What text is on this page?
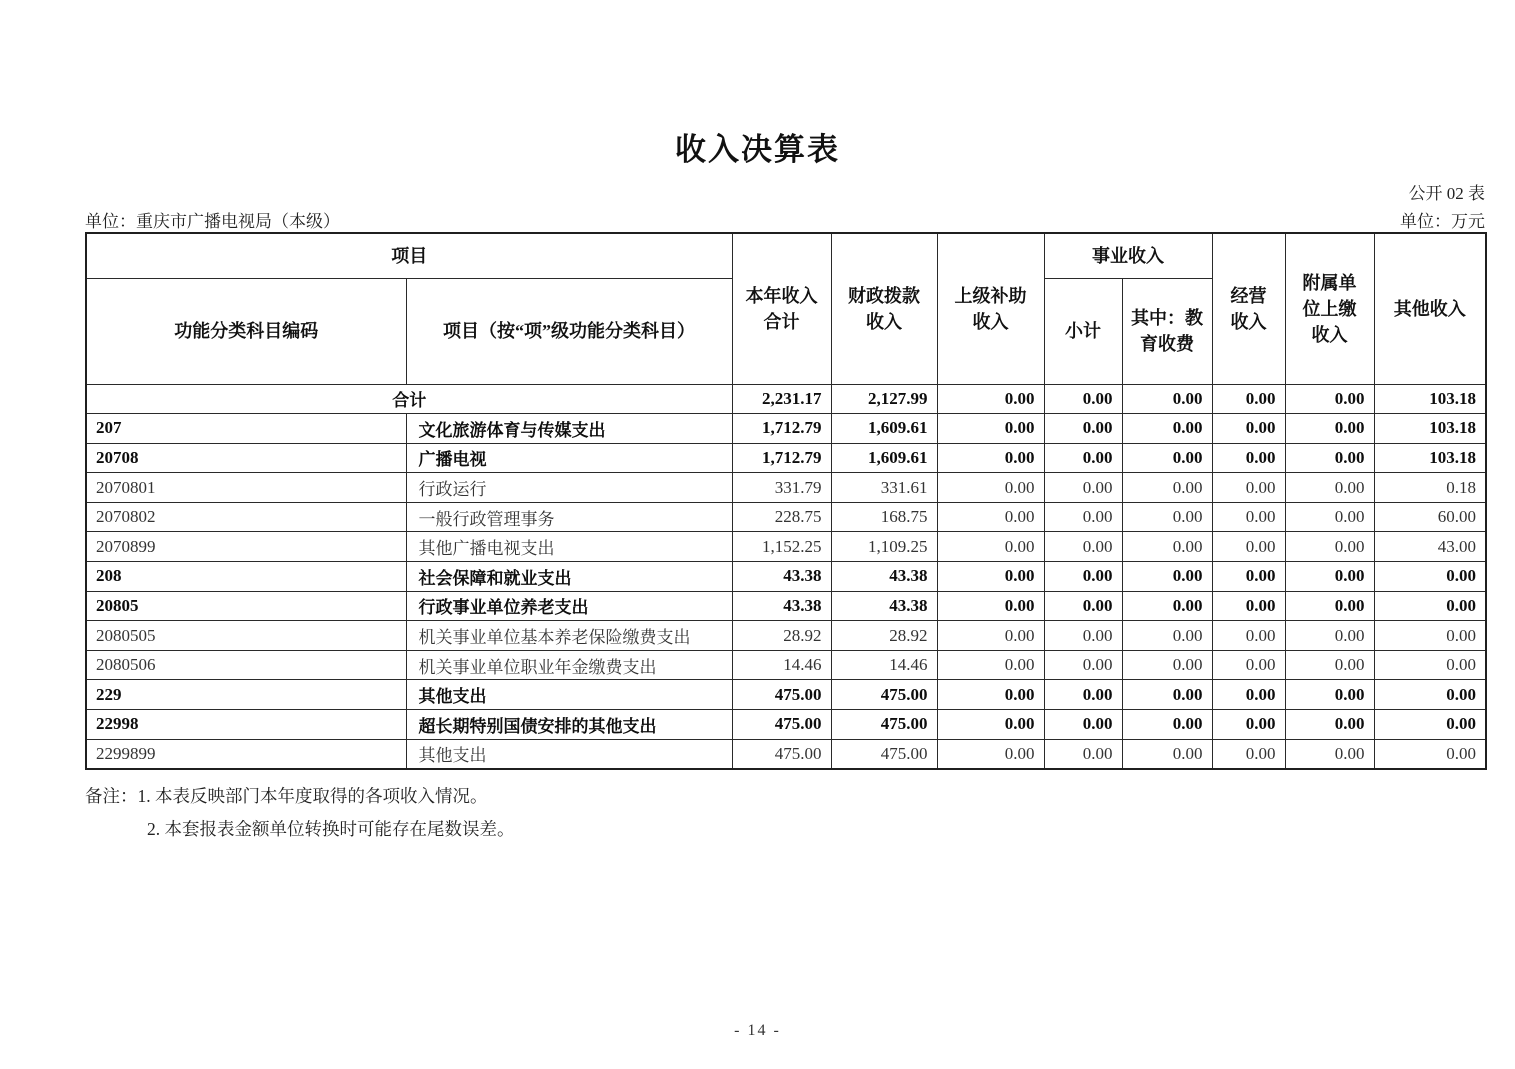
收入决算表
公开 02 表
单位：重庆市广播电视局（本级）	单位：万元
项目		本年收入合计	财政拨款收入	上级补助收入	事业收入		经营收入	附属单位上缴收入	其他收入
功能分类科目编码	项目（按“项”级功能分类科目）				小计	其中：教育收费			

合计		2,231.17	2,127.99	0.00	0.00	0.00	0.00	0.00	103.18
207	文化旅游体育与传媒支出	1,712.79	1,609.61	0.00	0.00	0.00	0.00	0.00	103.18
20708	广播电视	1,712.79	1,609.61	0.00	0.00	0.00	0.00	0.00	103.18
2070801	行政运行	331.79	331.61	0.00	0.00	0.00	0.00	0.00	0.18
2070802	一般行政管理事务	228.75	168.75	0.00	0.00	0.00	0.00	0.00	60.00
2070899	其他广播电视支出	1,152.25	1,109.25	0.00	0.00	0.00	0.00	0.00	43.00
208	社会保障和就业支出	43.38	43.38	0.00	0.00	0.00	0.00	0.00	0.00
20805	行政事业单位养老支出	43.38	43.38	0.00	0.00	0.00	0.00	0.00	0.00
2080505	机关事业单位基本养老保险缴费支出	28.92	28.92	0.00	0.00	0.00	0.00	0.00	0.00
2080506	机关事业单位职业年金缴费支出	14.46	14.46	0.00	0.00	0.00	0.00	0.00	0.00
229	其他支出	475.00	475.00	0.00	0.00	0.00	0.00	0.00	0.00
22998	超长期特别国债安排的其他支出	475.00	475.00	0.00	0.00	0.00	0.00	0.00	0.00
2299899	其他支出	475.00	475.00	0.00	0.00	0.00	0.00	0.00	0.00
备注：1. 本表反映部门本年度取得的各项收入情况。
2. 本套报表金额单位转换时可能存在尾数误差。
- 14 -
